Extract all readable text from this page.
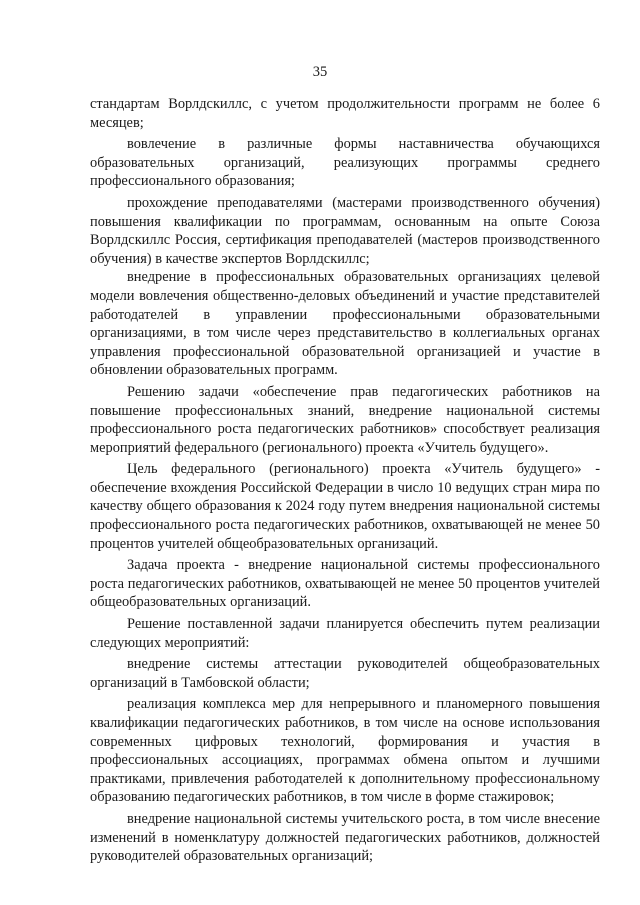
35

стандартам Ворлдскиллс, с учетом продолжительности программ не более 6 месяцев;

вовлечение в различные формы наставничества обучающихся образовательных организаций, реализующих программы среднего профессионального образования;

прохождение преподавателями (мастерами производственного обучения) повышения квалификации по программам, основанным на опыте Союза Ворлдскиллс Россия, сертификация преподавателей (мастеров производственного обучения) в качестве экспертов Ворлдскиллс;

внедрение в профессиональных образовательных организациях целевой модели вовлечения общественно-деловых объединений и участие представителей работодателей в управлении профессиональными образовательными организациями, в том числе через представительство в коллегиальных органах управления профессиональной образовательной организацией и участие в обновлении образовательных программ.

Решению задачи «обеспечение прав педагогических работников на повышение профессиональных знаний, внедрение национальной системы профессионального роста педагогических работников» способствует реализация мероприятий федерального (регионального) проекта «Учитель будущего».

Цель федерального (регионального) проекта «Учитель будущего» - обеспечение вхождения Российской Федерации в число 10 ведущих стран мира по качеству общего образования к 2024 году путем внедрения национальной системы профессионального роста педагогических работников, охватывающей не менее 50 процентов учителей общеобразовательных организаций.

Задача проекта - внедрение национальной системы профессионального роста педагогических работников, охватывающей не менее 50 процентов учителей общеобразовательных организаций.

Решение поставленной задачи планируется обеспечить путем реализации следующих мероприятий:

внедрение системы аттестации руководителей общеобразовательных организаций в Тамбовской области;

реализация комплекса мер для непрерывного и планомерного повышения квалификации педагогических работников, в том числе на основе использования современных цифровых технологий, формирования и участия в профессиональных ассоциациях, программах обмена опытом и лучшими практиками, привлечения работодателей к дополнительному профессиональному образованию педагогических работников, в том числе в форме стажировок;

внедрение национальной системы учительского роста, в том числе внесение изменений в номенклатуру должностей педагогических работников, должностей руководителей образовательных организаций;
